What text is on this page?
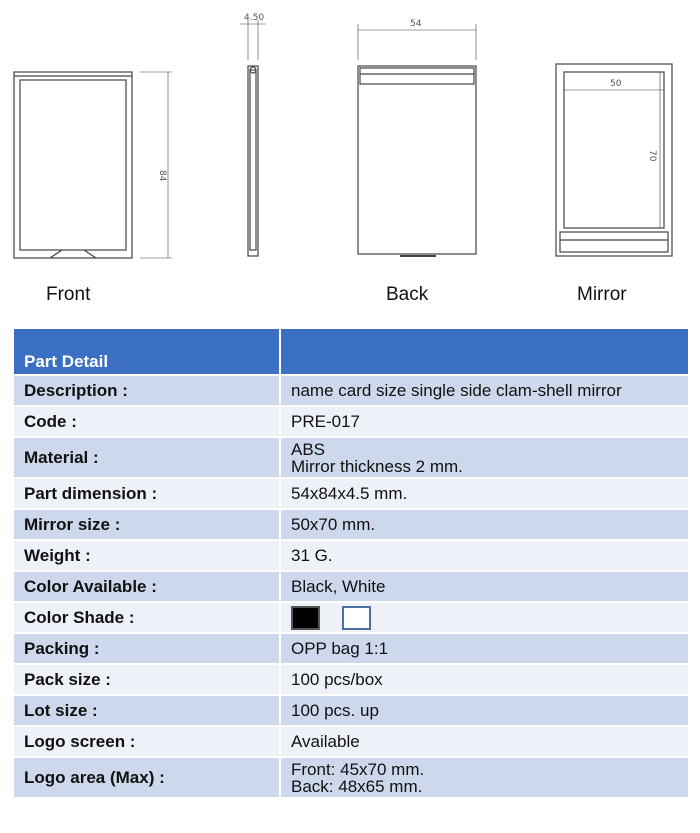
4.50
54
84
50
70
Front	Back	Mirror
Part Detail	
Description :	name card size single side clam-shell mirror
Code :	PRE-017
Material :	ABS
Mirror thickness 2 mm.

Part dimension :	54x84x4.5 mm.
Mirror size :	50x70 mm.
Weight :	31 G.
Color Available :	Black, White
Color Shade :	
Packing :	OPP bag 1:1
Pack size :	100 pcs/box
Lot size :	100 pcs. up
Logo screen :	Available
Logo area (Max) :	Front: 45x70 mm.
Back: 48x65 mm.
